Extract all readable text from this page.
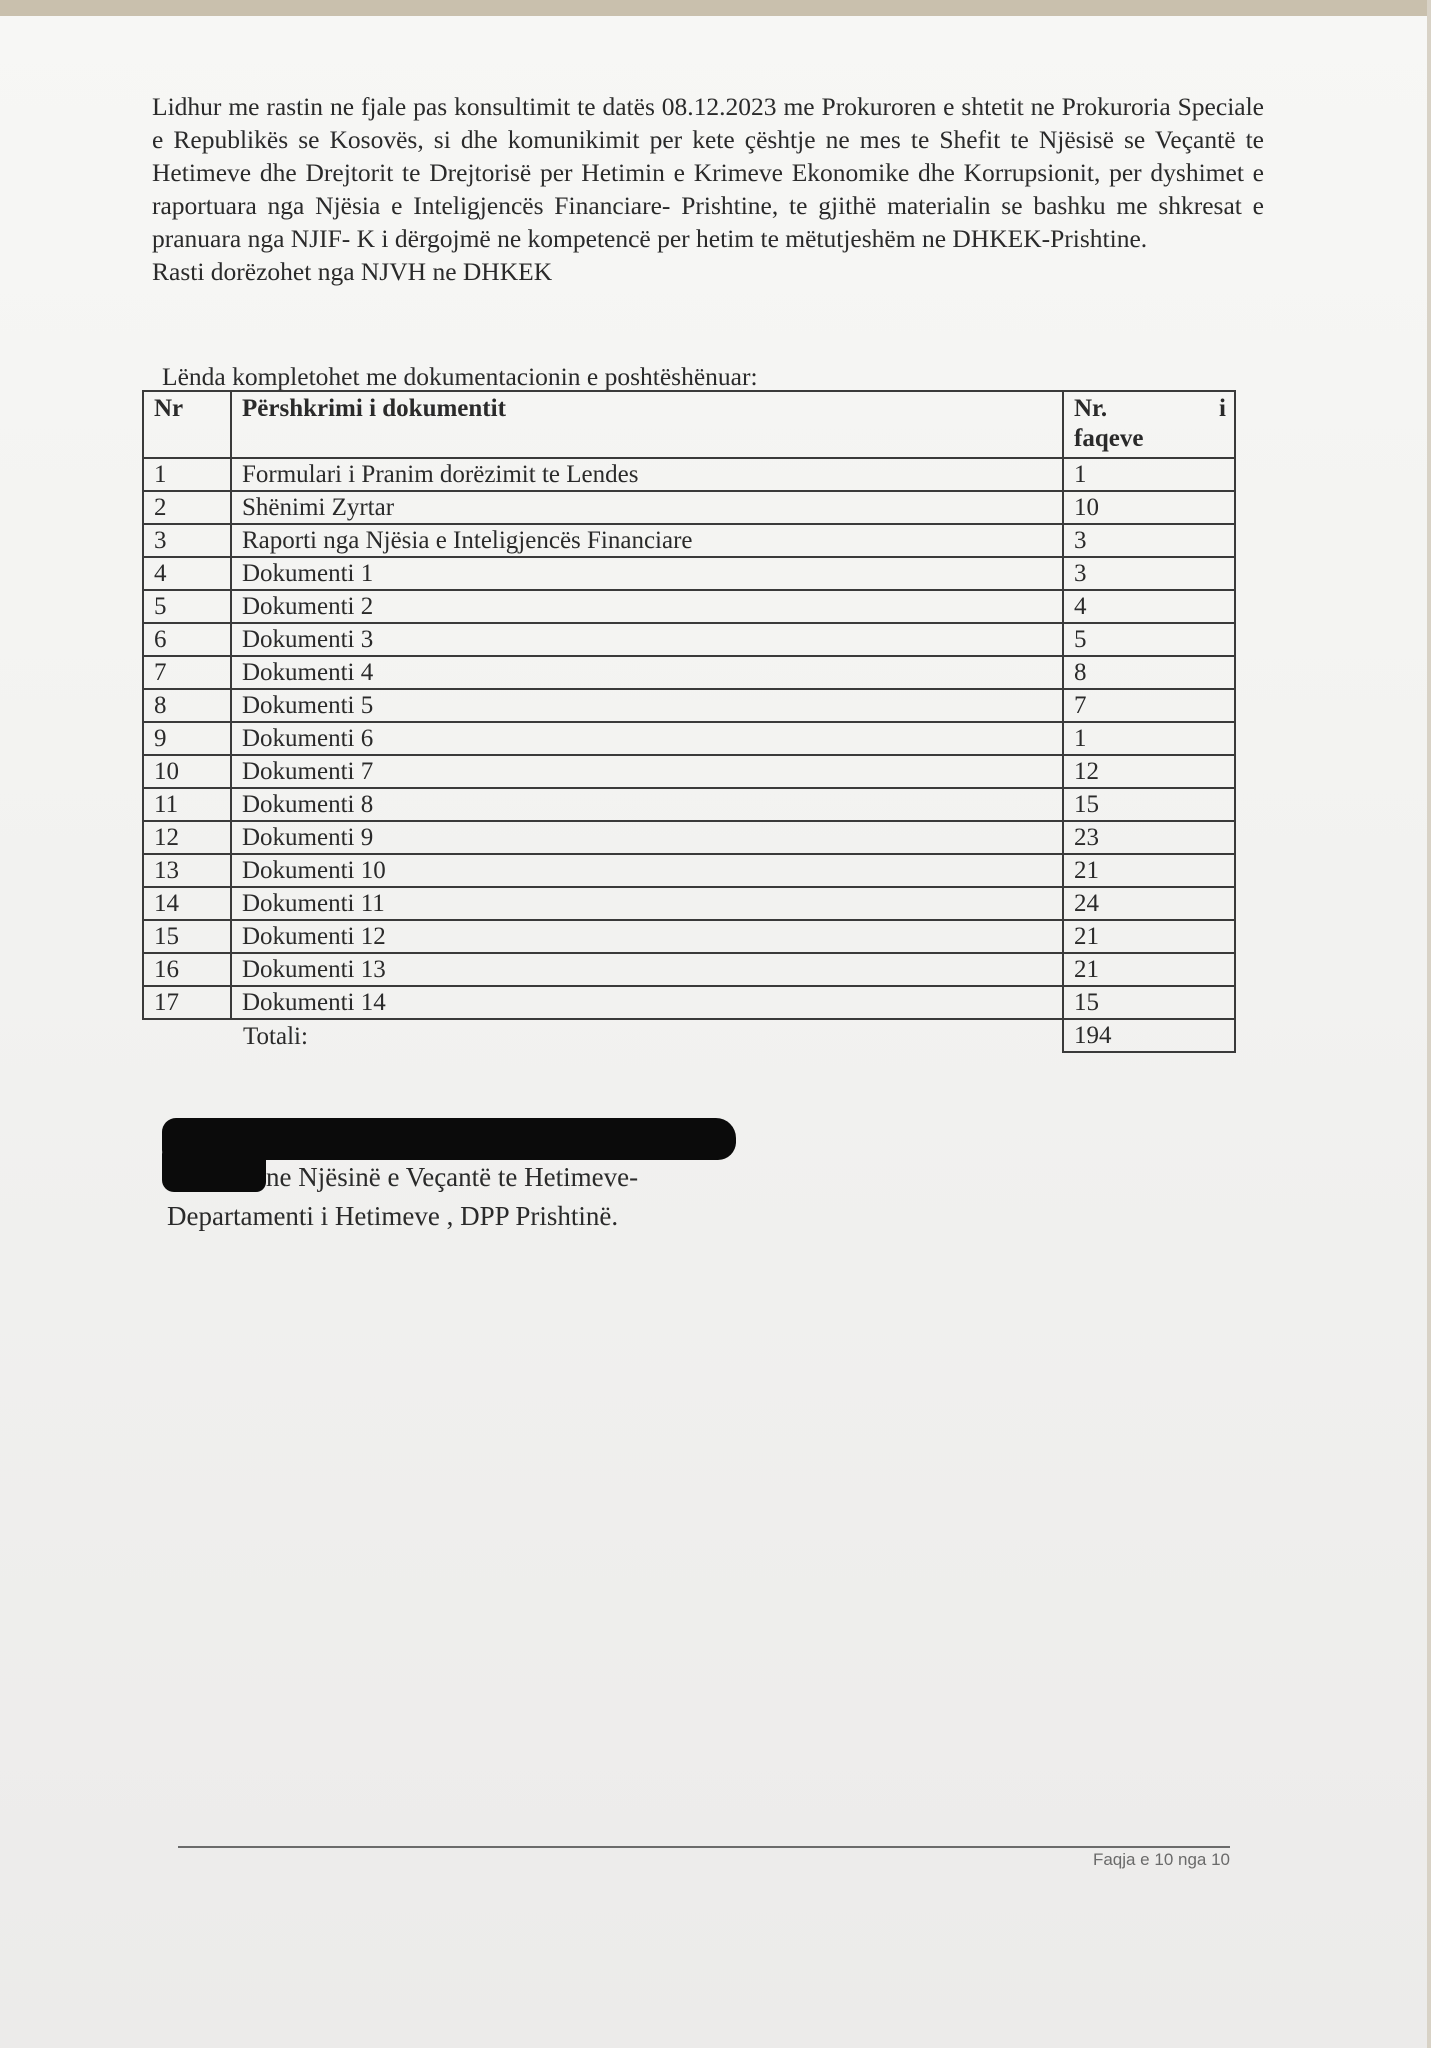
Lidhur me rastin ne fjale pas konsultimit te datës 08.12.2023 me Prokuroren e shtetit ne Prokuroria Speciale e Republikës se Kosovës, si dhe komunikimit per kete çështje ne mes te Shefit te Njësisë se Veçantë te Hetimeve dhe Drejtorit te Drejtorisë per Hetimin e Krimeve Ekonomike dhe Korrupsionit, per dyshimet e raportuara nga Njësia e Inteligjencës Financiare- Prishtine, te gjithë materialin se bashku me shkresat e pranuara nga NJIF- K i dërgojmë ne kompetencë per hetim te mëtutjeshëm ne DHKEK-Prishtine.

Rasti dorëzohet nga NJVH ne DHKEK

Lënda kompletohet me dokumentacionin e poshtëshënuar:
Nr	Përshkrimi i dokumentit	Nr. i
faqeve

1	Formulari i Pranim dorëzimit te Lendes	1
2	Shënimi Zyrtar	10
3	Raporti nga Njësia e Inteligjencës Financiare	3
4	Dokumenti 1	3
5	Dokumenti 2	4
6	Dokumenti 3	5
7	Dokumenti 4	8
8	Dokumenti 5	7
9	Dokumenti 6	1
10	Dokumenti 7	12
11	Dokumenti 8	15
12	Dokumenti 9	23
13	Dokumenti 10	21
14	Dokumenti 11	24
15	Dokumenti 12	21
16	Dokumenti 13	21
17	Dokumenti 14	15
	Totali:	194
ne Njësinë e Veçantë te Hetimeve-
Departamenti i Hetimeve , DPP Prishtinë.
Faqja e 10 nga 10
